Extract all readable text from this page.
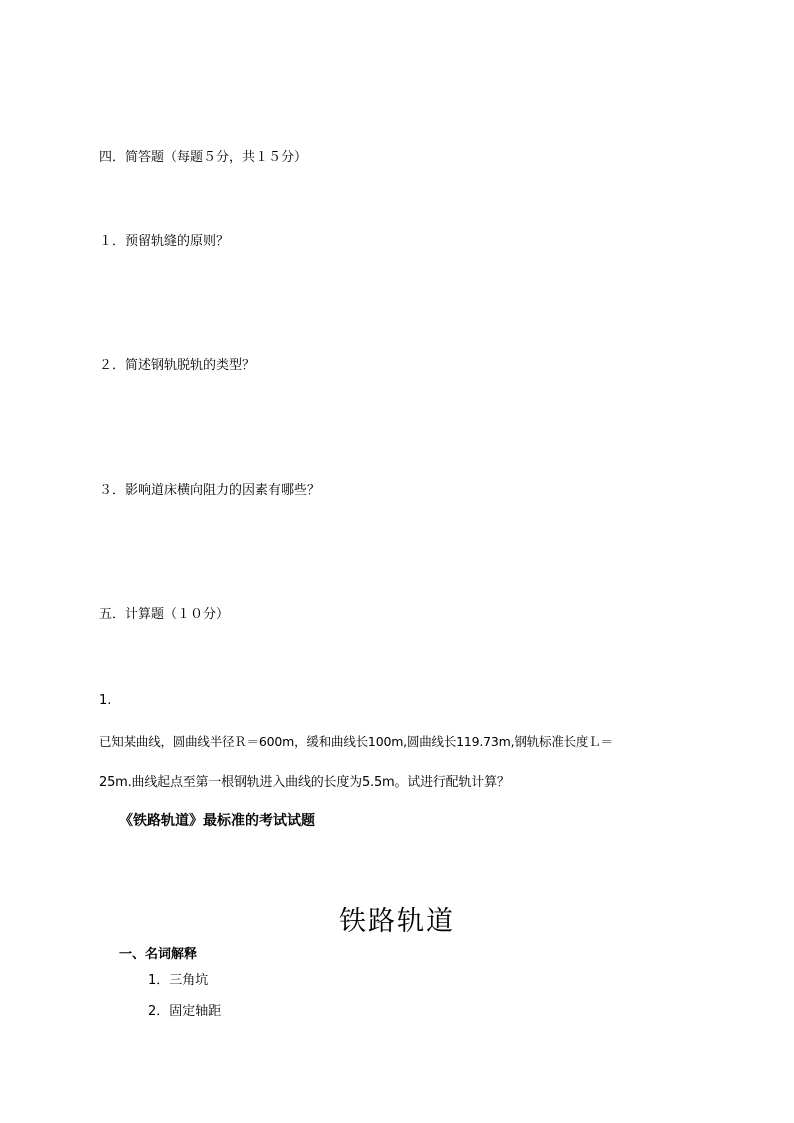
四．简答题（每题５分，共１５分）
１．预留轨缝的原则？
２．简述钢轨脱轨的类型？
３．影响道床横向阻力的因素有哪些？
五．计算题（１０分）
1.
已知某曲线，圆曲线半径Ｒ＝600m，缓和曲线长100m,圆曲线长119.73m,钢轨标准长度Ｌ＝
25m.曲线起点至第一根钢轨进入曲线的长度为5.5m。试进行配轨计算？
《铁路轨道》最标准的考试试题
铁路轨道
一、名词解释
1．三角坑
2．固定轴距
